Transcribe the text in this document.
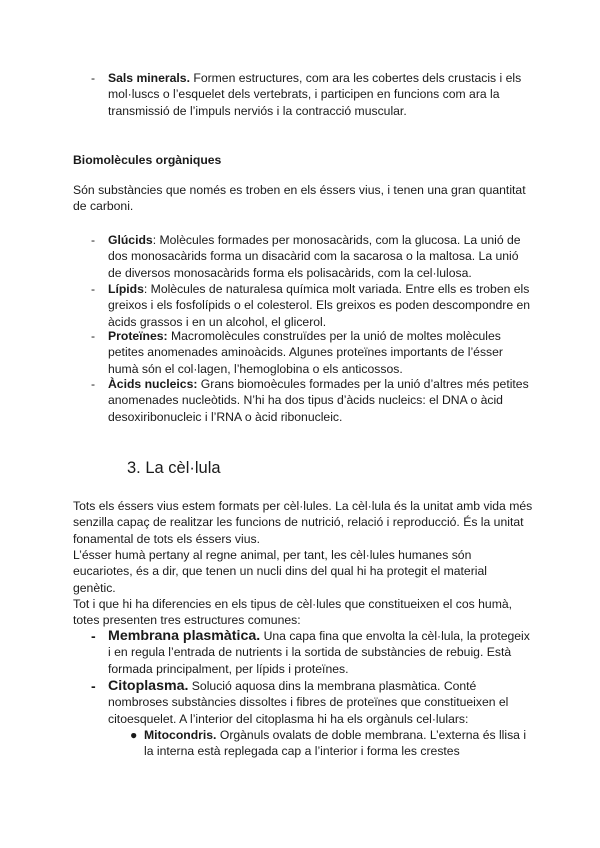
- Sals minerals. Formen estructures, com ara les cobertes dels crustacis i els mol·luscs o l’esquelet dels vertebrats, i participen en funcions com ara la transmissió de l’impuls nerviós i la contracció muscular.
Biomolècules orgàniques
Són substàncies que només es troben en els éssers vius, i tenen una gran quantitat de carboni.
- Glúcids: Molècules formades per monosacàrids, com la glucosa. La unió de dos monosacàrids forma un disacàrid com la sacarosa o la maltosa. La unió de diversos monosacàrids forma els polisacàrids, com la cel·lulosa.
- Lípids: Molècules de naturalesa química molt variada. Entre ells es troben els greixos i els fosfolípids o el colesterol. Els greixos es poden descompondre en àcids grassos i en un alcohol, el glicerol.
- Proteïnes: Macromolècules construïdes per la unió de moltes molècules petites anomenades aminoàcids. Algunes proteïnes importants de l’ésser humà són el col·lagen, l’hemoglobina o els anticossos.
- Àcids nucleics: Grans biomoècules formades per la unió d’altres més petites anomenades nucleòtids. N’hi ha dos tipus d’àcids nucleics: el DNA o àcid desoxiribonucleic i l’RNA o àcid ribonucleic.
3. La cèl·lula
Tots els éssers vius estem formats per cèl·lules. La cèl·lula és la unitat amb vida més senzilla capaç de realitzar les funcions de nutrició, relació i reproducció. És la unitat fonamental de tots els éssers vius.
L’ésser humà pertany al regne animal, per tant, les cèl·lules humanes són eucariotes, és a dir, que tenen un nucli dins del qual hi ha protegit el material genètic.
Tot i que hi ha diferencies en els tipus de cèl·lules que constitueixen el cos humà, totes presenten tres estructures comunes:
- Membrana plasmàtica. Una capa fina que envolta la cèl·lula, la protegeix i en regula l’entrada de nutrients i la sortida de substàncies de rebuig. Està formada principalment, per lípids i proteïnes.
- Citoplasma. Solució aquosa dins la membrana plasmàtica. Conté nombroses substàncies dissoltes i fibres de proteïnes que constitueixen el citoesquelet. A l’interior del citoplasma hi ha els orgànuls cel·lulars:
● Mitocondris. Orgànuls ovalats de doble membrana. L’externa és llisa i la interna està replegada cap a l’interior i forma les crestes
